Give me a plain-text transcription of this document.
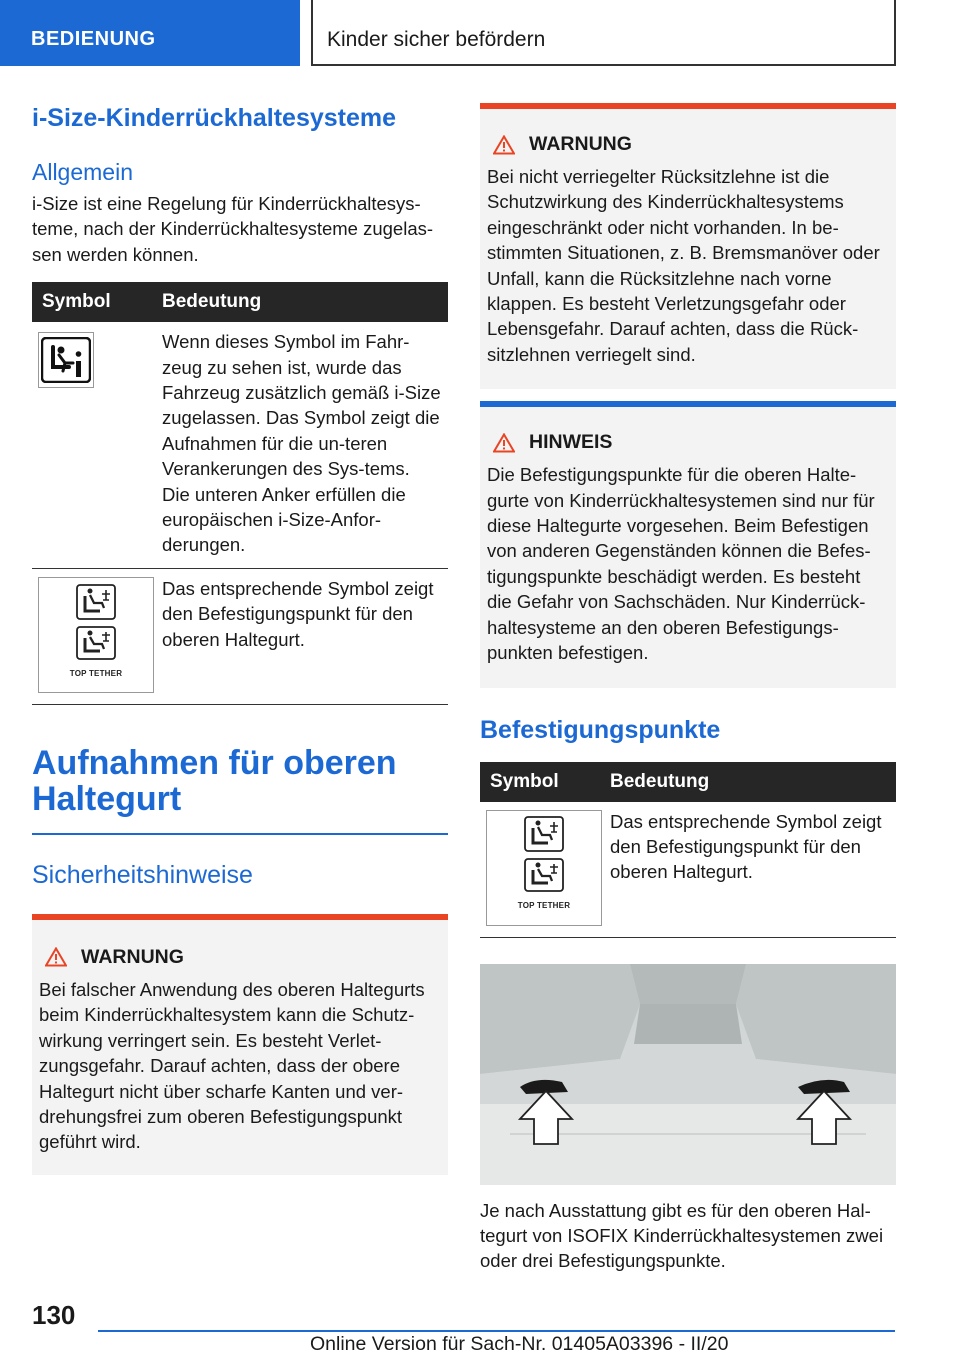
BEDIENUNG	Kinder sicher befördern
i-Size-Kinderrückhaltesysteme
Allgemein
i-Size ist eine Regelung für Kinderrückhaltesys-teme, nach der Kinderrückhaltesysteme zugelas-sen werden können.
Symbol	Bedeutung

	Wenn dieses Symbol im Fahr-zeug zu sehen ist, wurde das Fahrzeug zusätzlich gemäß i-Size zugelassen. Das Symbol zeigt die Aufnahmen für die un-teren Verankerungen des Sys-tems. Die unteren Anker erfüllen die europäischen i-Size-Anfor-derungen.

TOP TETHER	Das entsprechende Symbol zeigt den Befestigungspunkt für den oberen Haltegurt.
Aufnahmen für oberen Haltegurt
Sicherheitshinweise
WARNUNG
Bei falscher Anwendung des oberen Haltegurts beim Kinderrückhaltesystem kann die Schutz-wirkung verringert sein. Es besteht Verlet-zungsgefahr. Darauf achten, dass der obere Haltegurt nicht über scharfe Kanten und ver-drehungsfrei zum oberen Befestigungspunkt geführt wird.
WARNUNG
Bei nicht verriegelter Rücksitzlehne ist die Schutzwirkung des Kinderrückhaltesystems eingeschränkt oder nicht vorhanden. In be-stimmten Situationen, z. B. Bremsmanöver oder Unfall, kann die Rücksitzlehne nach vorne klappen. Es besteht Verletzungsgefahr oder Lebensgefahr. Darauf achten, dass die Rück-sitzlehnen verriegelt sind.
HINWEIS
Die Befestigungspunkte für die oberen Halte-gurte von Kinderrückhaltesystemen sind nur für diese Haltegurte vorgesehen. Beim Befestigen von anderen Gegenständen können die Befes-tigungspunkte beschädigt werden. Es besteht die Gefahr von Sachschäden. Nur Kinderrück-haltesysteme an den oberen Befestigungs-punkten befestigen.
Befestigungspunkte
Symbol	Bedeutung

TOP TETHER	Das entsprechende Symbol zeigt den Befestigungspunkt für den oberen Haltegurt.
Je nach Ausstattung gibt es für den oberen Hal-tegurt von ISOFIX Kinderrückhaltesystemen zwei oder drei Befestigungspunkte.
130
Online Version für Sach-Nr. 01405A03396 - II/20
